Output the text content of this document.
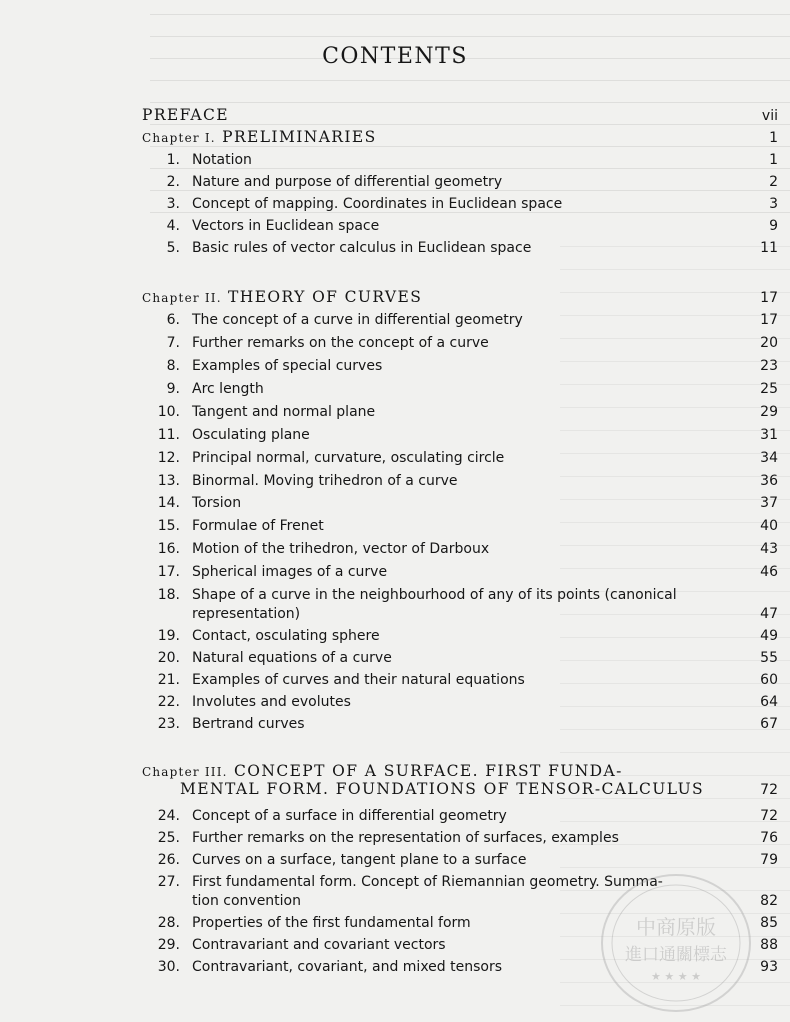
CONTENTS
PREFACE	vii
Chapter I. PRELIMINARIES	1
1. Notation	1
2. Nature and purpose of differential geometry	2
3. Concept of mapping. Coordinates in Euclidean space	3
4. Vectors in Euclidean space	9
5. Basic rules of vector calculus in Euclidean space	11
Chapter II. THEORY OF CURVES	17
6. The concept of a curve in differential geometry	17
7. Further remarks on the concept of a curve	20
8. Examples of special curves	23
9. Arc length	25
10. Tangent and normal plane	29
11. Osculating plane	31
12. Principal normal, curvature, osculating circle	34
13. Binormal. Moving trihedron of a curve	36
14. Torsion	37
15. Formulae of Frenet	40
16. Motion of the trihedron, vector of Darboux	43
17. Spherical images of a curve	46
18. Shape of a curve in the neighbourhood of any of its points (canonical
representation)	47
19. Contact, osculating sphere	49
20. Natural equations of a curve	55
21. Examples of curves and their natural equations	60
22. Involutes and evolutes	64
23. Bertrand curves	67
Chapter III. CONCEPT OF A SURFACE. FIRST FUNDA-
MENTAL FORM. FOUNDATIONS OF TENSOR-CALCULUS	72
24. Concept of a surface in differential geometry	72
25. Further remarks on the representation of surfaces, examples	76
26. Curves on a surface, tangent plane to a surface	79
27. First fundamental form. Concept of Riemannian geometry. Summa-
tion convention	82
28. Properties of the first fundamental form	85
29. Contravariant and covariant vectors	88
30. Contravariant, covariant, and mixed tensors	93
中商原版
進口通關標志
★ ★ ★ ★
